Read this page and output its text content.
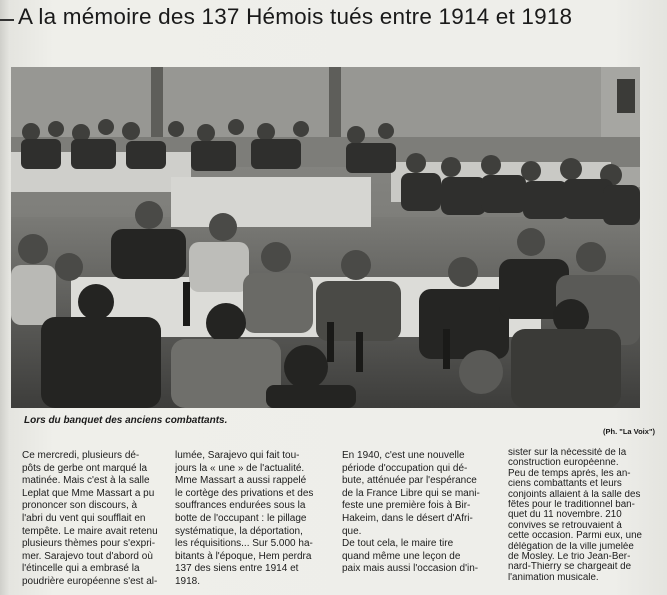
A la mémoire des 137 Hémois tués entre 1914 et 1918
Lors du banquet des anciens combattants.
(Ph. "La Voix")
Ce mercredi, plusieurs dé-
pôts de gerbe ont marqué la
matinée. Mais c'est à la salle
Leplat que Mme Massart a pu
prononcer son discours, à
l'abri du vent qui soufflait en
tempête. Le maire avait retenu
plusieurs thèmes pour s'expri-
mer. Sarajevo tout d'abord où
l'étincelle qui a embrasé la
poudrière européenne s'est al-
lumée, Sarajevo qui fait tou-
jours la « une » de l'actualité.
Mme Massart a aussi rappelé
le cortège des privations et des
souffrances endurées sous la
botte de l'occupant : le pillage
systématique, la déportation,
les réquisitions... Sur 5.000 ha-
bitants à l'époque, Hem perdra
137 des siens entre 1914 et
1918.
En 1940, c'est une nouvelle
période d'occupation qui dé-
bute, atténuée par l'espérance
de la France Libre qui se mani-
feste une première fois à Bir-
Hakeim, dans le désert d'Afri-
que.
De tout cela, le maire tire
quand même une leçon de
paix mais aussi l'occasion d'in-
sister sur la nécessité de la
construction européenne.
Peu de temps après, les an-
ciens combattants et leurs
conjoints allaient à la salle des
fêtes pour le traditionnel ban-
quet du 11 novembre. 210
convives se retrouvaient à
cette occasion. Parmi eux, une
délégation de la ville jumelée
de Mosley. Le trio Jean-Ber-
nard-Thierry se chargeait de
l'animation musicale.
